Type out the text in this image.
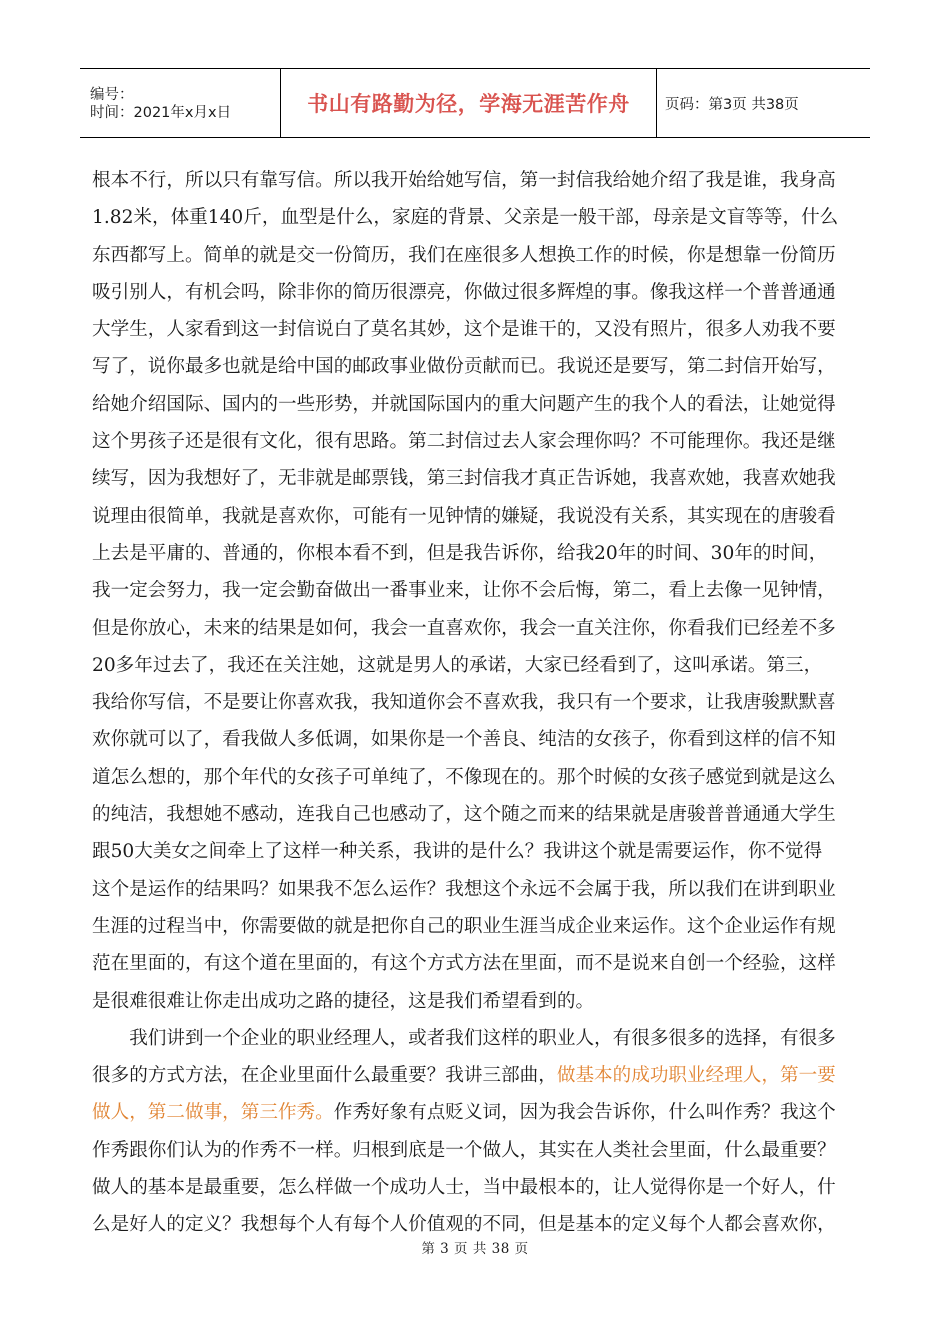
编号：
时间：2021年x月x日	书山有路勤为径，学海无涯苦作舟 页码：第3页 共38页
根本不行，所以只有靠写信。所以我开始给她写信，第一封信我给她介绍了我是谁，我身高
1.82米，体重140斤，血型是什么，家庭的背景、父亲是一般干部，母亲是文盲等等，什么
东西都写上。简单的就是交一份简历，我们在座很多人想换工作的时候，你是想靠一份简历
吸引别人，有机会吗，除非你的简历很漂亮，你做过很多辉煌的事。像我这样一个普普通通
大学生，人家看到这一封信说白了莫名其妙，这个是谁干的，又没有照片，很多人劝我不要
写了，说你最多也就是给中国的邮政事业做份贡献而已。我说还是要写，第二封信开始写，
给她介绍国际、国内的一些形势，并就国际国内的重大问题产生的我个人的看法，让她觉得
这个男孩子还是很有文化，很有思路。第二封信过去人家会理你吗？不可能理你。我还是继
续写，因为我想好了，无非就是邮票钱，第三封信我才真正告诉她，我喜欢她，我喜欢她我
说理由很简单，我就是喜欢你，可能有一见钟情的嫌疑，我说没有关系，其实现在的唐骏看
上去是平庸的、普通的，你根本看不到，但是我告诉你，给我20年的时间、30年的时间，
我一定会努力，我一定会勤奋做出一番事业来，让你不会后悔，第二，看上去像一见钟情，
但是你放心，未来的结果是如何，我会一直喜欢你，我会一直关注你，你看我们已经差不多
20多年过去了，我还在关注她，这就是男人的承诺，大家已经看到了，这叫承诺。第三，
我给你写信，不是要让你喜欢我，我知道你会不喜欢我，我只有一个要求，让我唐骏默默喜
欢你就可以了，看我做人多低调，如果你是一个善良、纯洁的女孩子，你看到这样的信不知
道怎么想的，那个年代的女孩子可单纯了，不像现在的。那个时候的女孩子感觉到就是这么
的纯洁，我想她不感动，连我自己也感动了，这个随之而来的结果就是唐骏普普通通大学生
跟50大美女之间牵上了这样一种关系，我讲的是什么？我讲这个就是需要运作，你不觉得
这个是运作的结果吗？如果我不怎么运作？我想这个永远不会属于我，所以我们在讲到职业
生涯的过程当中，你需要做的就是把你自己的职业生涯当成企业来运作。这个企业运作有规
范在里面的，有这个道在里面的，有这个方式方法在里面，而不是说来自创一个经验，这样
是很难很难让你走出成功之路的捷径，这是我们希望看到的。
　　我们讲到一个企业的职业经理人，或者我们这样的职业人，有很多很多的选择，有很多
很多的方式方法，在企业里面什么最重要？我讲三部曲，做基本的成功职业经理人，第一要
做人，第二做事，第三作秀。作秀好象有点贬义词，因为我会告诉你，什么叫作秀？我这个
作秀跟你们认为的作秀不一样。归根到底是一个做人，其实在人类社会里面，什么最重要？
做人的基本是最重要，怎么样做一个成功人士，当中最根本的，让人觉得你是一个好人，什
么是好人的定义？我想每个人有每个人价值观的不同，但是基本的定义每个人都会喜欢你，
第 3 页 共 38 页
